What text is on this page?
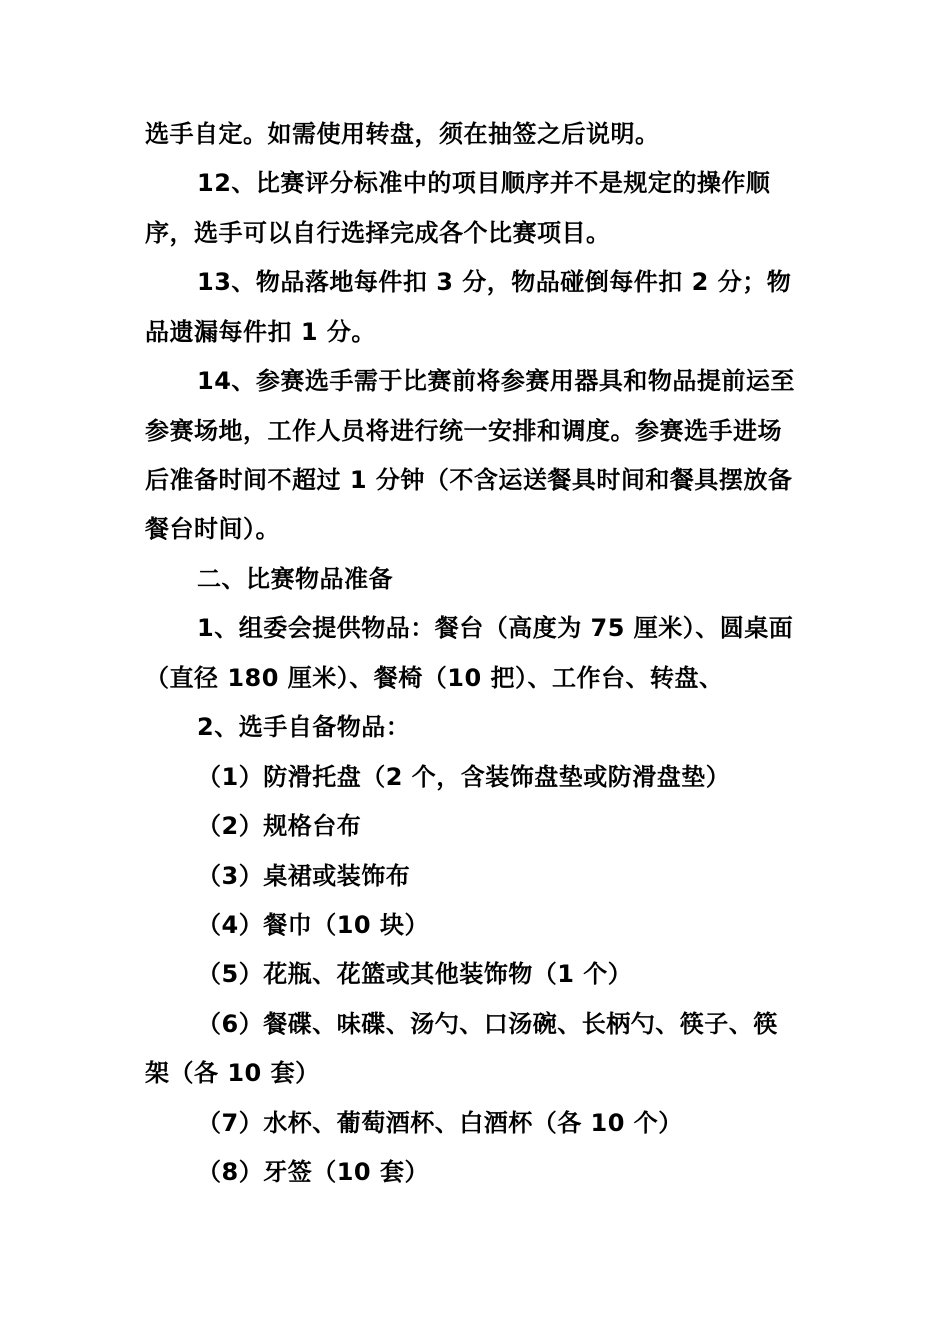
选手自定。如需使用转盘，须在抽签之后说明。
12、比赛评分标准中的项目顺序并不是规定的操作顺
序，选手可以自行选择完成各个比赛项目。
13、物品落地每件扣 3 分，物品碰倒每件扣 2 分；物
品遗漏每件扣 1 分。
14、参赛选手需于比赛前将参赛用器具和物品提前运至
参赛场地，工作人员将进行统一安排和调度。参赛选手进场
后准备时间不超过 1 分钟（不含运送餐具时间和餐具摆放备
餐台时间）。
二、比赛物品准备
1、组委会提供物品：餐台（高度为 75 厘米）、圆桌面
（直径 180 厘米）、餐椅（10 把）、工作台、转盘、
2、选手自备物品：
（1）防滑托盘（2 个，含装饰盘垫或防滑盘垫）
（2）规格台布
（3）桌裙或装饰布
（4）餐巾（10 块）
（5）花瓶、花篮或其他装饰物（1 个）
（6）餐碟、味碟、汤勺、口汤碗、长柄勺、筷子、筷
架（各 10 套）
（7）水杯、葡萄酒杯、白酒杯（各 10 个）
（8）牙签（10 套）
